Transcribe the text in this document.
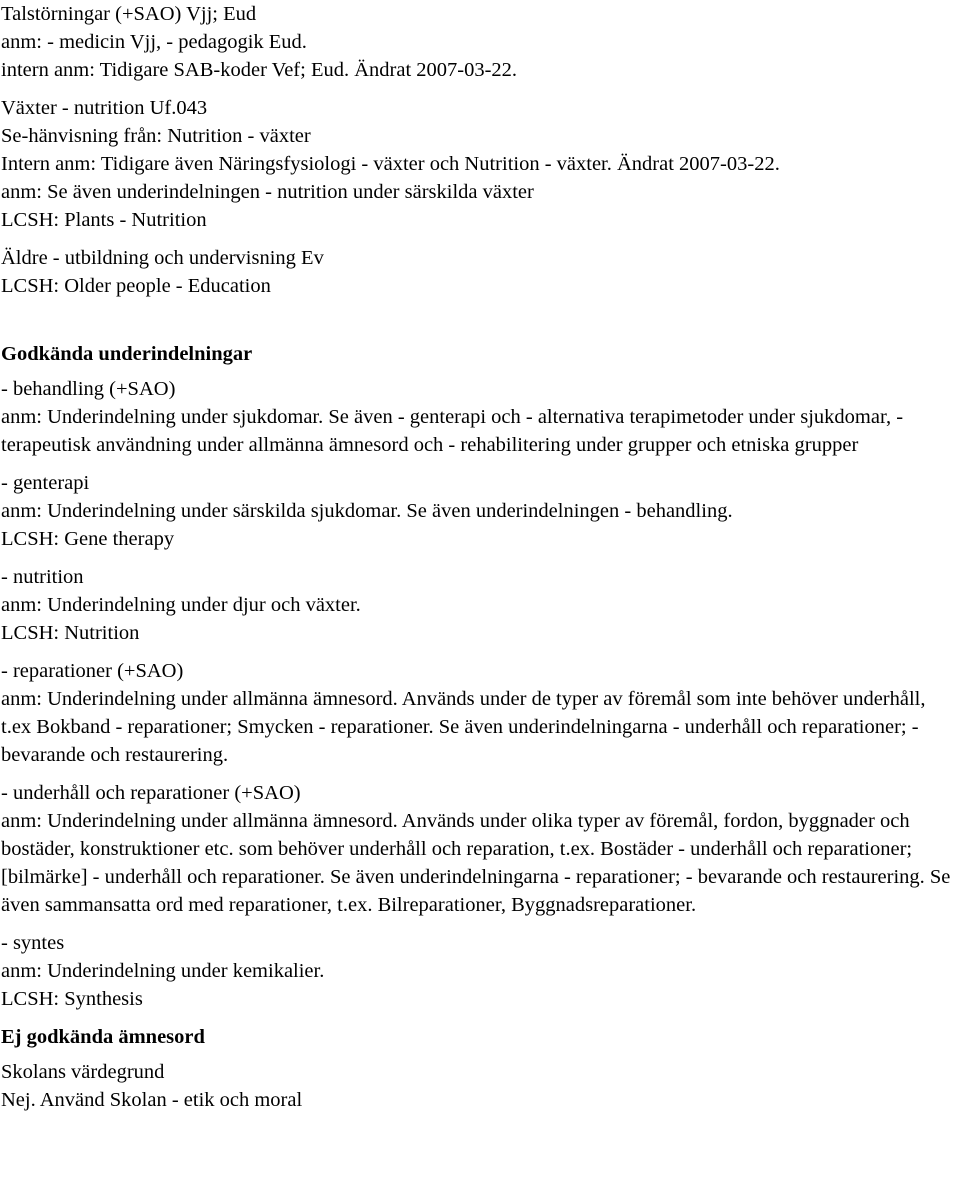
Talstörningar (+SAO) Vjj; Eud
anm: - medicin Vjj, - pedagogik Eud.
intern anm: Tidigare SAB-koder Vef; Eud. Ändrat 2007-03-22.
Växter - nutrition Uf.043
Se-hänvisning från: Nutrition - växter
Intern anm: Tidigare även Näringsfysiologi - växter och Nutrition - växter. Ändrat 2007-03-22.
anm: Se även underindelningen - nutrition under särskilda växter
LCSH: Plants - Nutrition
Äldre - utbildning och undervisning Ev
LCSH: Older people - Education
Godkända underindelningar
- behandling (+SAO)
anm: Underindelning under sjukdomar. Se även - genterapi och - alternativa terapimetoder under sjukdomar, - terapeutisk användning under allmänna ämnesord och - rehabilitering under grupper och etniska grupper
- genterapi
anm: Underindelning under särskilda sjukdomar. Se även underindelningen - behandling.
LCSH: Gene therapy
- nutrition
anm: Underindelning under djur och växter.
LCSH: Nutrition
- reparationer (+SAO)
anm: Underindelning under allmänna ämnesord. Används under de typer av föremål som inte behöver underhåll, t.ex Bokband - reparationer; Smycken - reparationer. Se även underindelningarna - underhåll och reparationer; - bevarande och restaurering.
- underhåll och reparationer (+SAO)
anm: Underindelning under allmänna ämnesord. Används under olika typer av föremål, fordon, byggnader och bostäder, konstruktioner etc. som behöver underhåll och reparation, t.ex. Bostäder - underhåll och reparationer; [bilmärke] - underhåll och reparationer. Se även underindelningarna - reparationer; - bevarande och restaurering. Se även sammansatta ord med reparationer, t.ex. Bilreparationer, Byggnadsreparationer.
- syntes
anm: Underindelning under kemikalier.
LCSH: Synthesis
Ej godkända ämnesord
Skolans värdegrund
Nej. Använd Skolan - etik och moral
